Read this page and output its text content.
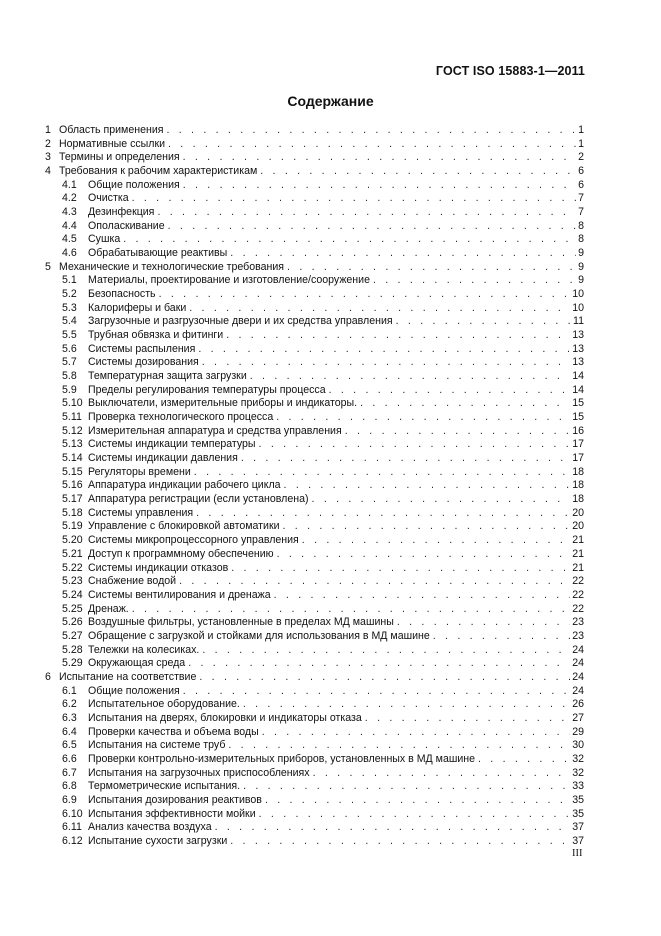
ГОСТ ISO 15883-1—2011
Содержание
1 Область применения . . .	1
2 Нормативные ссылки . . .	1
3 Термины и определения . . .	2
4 Требования к рабочим характеристикам . . .	6
4.1	Общие положения . . .	6
4.2	Очистка . . .	7
4.3	Дезинфекция . . .	7
4.4	Ополаскивание . . .	8
4.5	Сушка . . .	8
4.6	Обрабатывающие реактивы . . .	9
5 Механические и технологические требования . . .	9
5.1	Материалы, проектирование и изготовление/сооружение . . .	9
5.2	Безопасность . . .	10
5.3	Калориферы и баки . . .	10
5.4	Загрузочные и разгрузочные двери и их средства управления . . .	11
5.5	Трубная обвязка и фитинги . . .	13
5.6	Системы распыления . . .	13
5.7	Системы дозирования . . .	13
5.8	Температурная защита загрузки . . .	14
5.9	Пределы регулирования температуры процесса . . .	14
5.10 Выключатели, измерительные приборы и индикаторы. . . .	15
5.11 Проверка технологического процесса . . .	15
5.12 Измерительная аппаратура и средства управления . . .	16
5.13 Системы индикации температуры . . .	17
5.14 Системы индикации давления . . .	17
5.15 Регуляторы времени . . .	18
5.16 Аппаратура индикации рабочего цикла . . .	18
5.17 Аппаратура регистрации (если установлена) . . .	18
5.18 Системы управления . . .	20
5.19 Управление с блокировкой автоматики . . .	20
5.20 Системы микропроцессорного управления . . .	21
5.21 Доступ к программному обеспечению . . .	21
5.22 Системы индикации отказов . . .	21
5.23 Снабжение водой . . .	22
5.24 Системы вентилирования и дренажа . . .	22
5.25 Дренаж. . . .	22
5.26 Воздушные фильтры, установленные в пределах МД машины . . .	23
5.27 Обращение с загрузкой и стойками для использования в МД машине . . .	23
5.28 Тележки на колесиках. . . .	24
5.29 Окружающая среда . . .	24
6 Испытание на соответствие . . .	24
6.1	Общие положения . . .	24
6.2	Испытательное оборудование. . . .	26
6.3	Испытания на дверях, блокировки и индикаторы отказа . . .	27
6.4	Проверки качества и объема воды . . .	29
6.5	Испытания на системе труб . . .	30
6.6	Проверки контрольно-измерительных приборов, установленных в МД машине . . .	32
6.7	Испытания на загрузочных приспособлениях . . .	32
6.8	Термометрические испытания. . . .	33
6.9	Испытания дозирования реактивов . . .	35
6.10 Испытания эффективности мойки . . .	35
6.11 Анализ качества воздуха . . .	37
6.12 Испытание сухости загрузки . . .	37
III
